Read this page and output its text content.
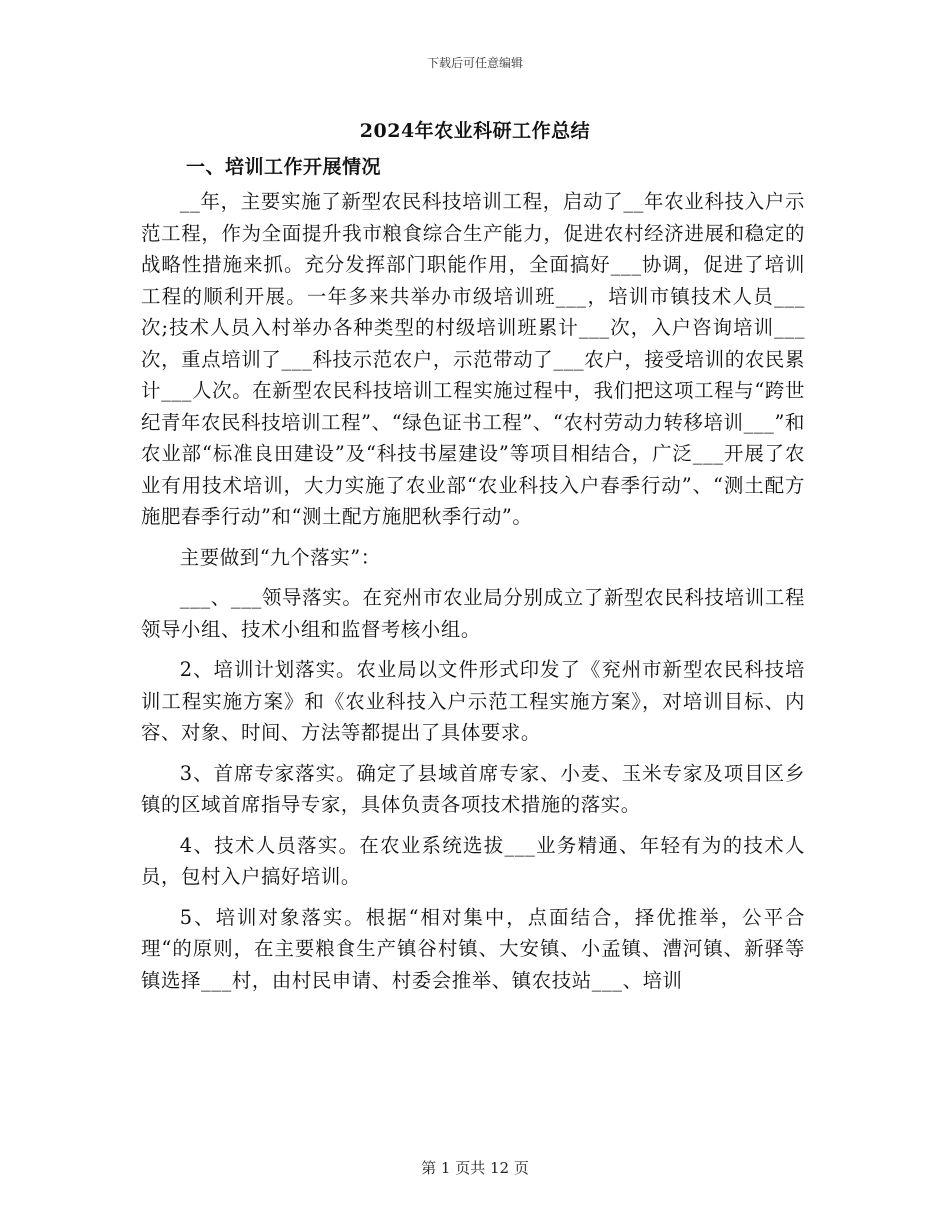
下载后可任意编辑
2024年农业科研工作总结
一、培训工作开展情况

__年，主要实施了新型农民科技培训工程，启动了__年农业科技入户示范工程，作为全面提升我市粮食综合生产能力，促进农村经济进展和稳定的战略性措施来抓。充分发挥部门职能作用，全面搞好___协调，促进了培训工程的顺利开展。一年多来共举办市级培训班___，培训市镇技术人员___次;技术人员入村举办各种类型的村级培训班累计___次，入户咨询培训___次，重点培训了___科技示范农户，示范带动了___农户，接受培训的农民累计___人次。在新型农民科技培训工程实施过程中，我们把这项工程与“跨世纪青年农民科技培训工程”、“绿色证书工程”、“农村劳动力转移培训___”和农业部“标准良田建设”及“科技书屋建设”等项目相结合，广泛___开展了农业有用技术培训，大力实施了农业部“农业科技入户春季行动”、“测土配方施肥春季行动”和“测土配方施肥秋季行动”。

主要做到“九个落实”：

___、___领导落实。在兖州市农业局分别成立了新型农民科技培训工程领导小组、技术小组和监督考核小组。

2、培训计划落实。农业局以文件形式印发了《兖州市新型农民科技培训工程实施方案》和《农业科技入户示范工程实施方案》，对培训目标、内容、对象、时间、方法等都提出了具体要求。

3、首席专家落实。确定了县域首席专家、小麦、玉米专家及项目区乡镇的区域首席指导专家，具体负责各项技术措施的落实。

4、技术人员落实。在农业系统选拔___业务精通、年轻有为的技术人员，包村入户搞好培训。

5、培训对象落实。根据“相对集中，点面结合，择优推举，公平合理“的原则，在主要粮食生产镇谷村镇、大安镇、小孟镇、漕河镇、新驿等镇选择___村，由村民申请、村委会推举、镇农技站___、培训

第 1 页共 12 页
